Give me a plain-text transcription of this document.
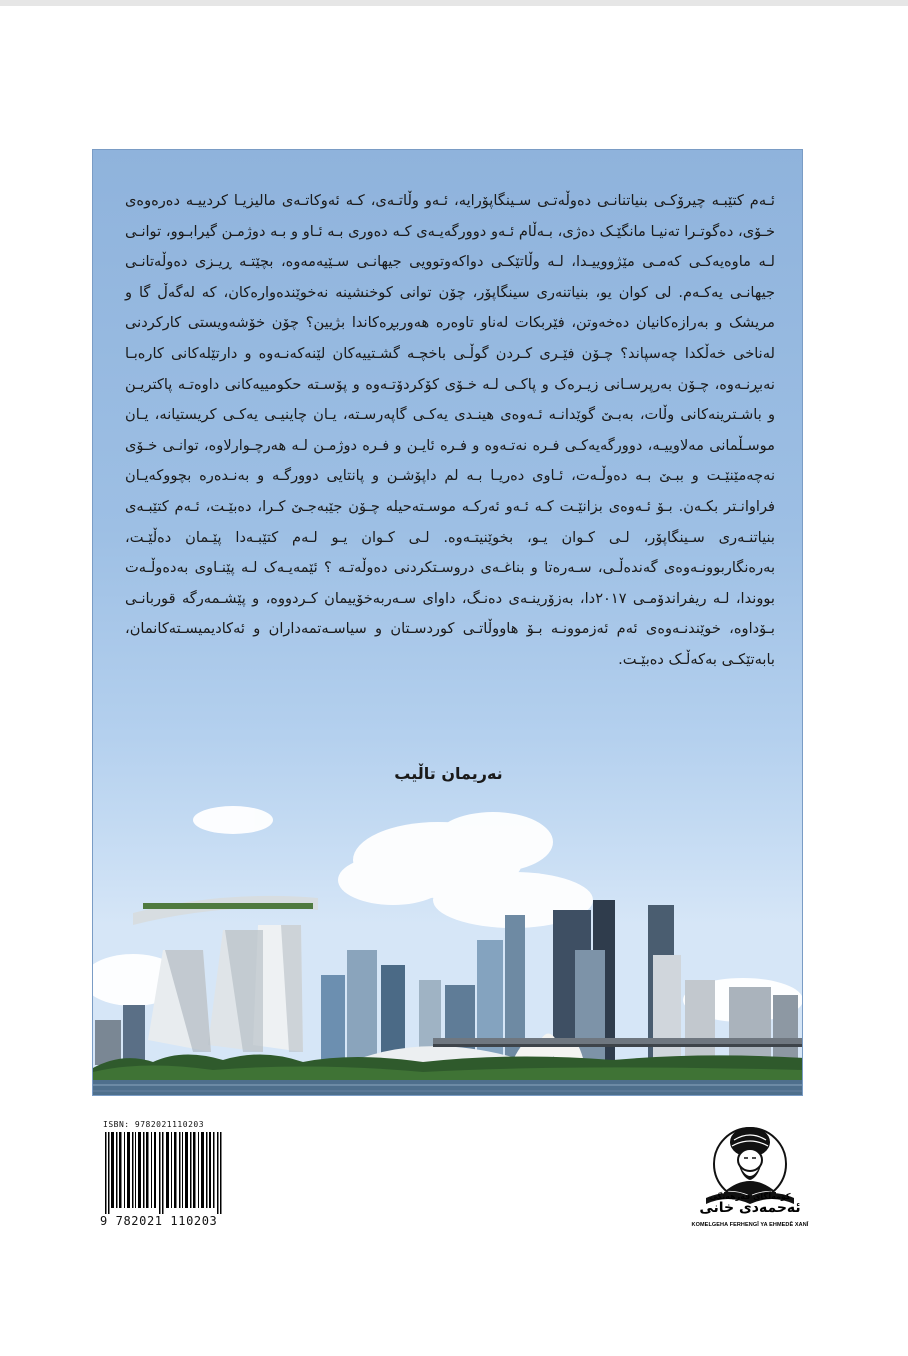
ئـەم کتێبـە چیرۆکـی بنیاتنانـی دەوڵەتـی سـینگاپۆرایە، ئـەو وڵاتـەی، کـە ئەوکاتـەی مالیزیـا کردییـە دەرەوەی خـۆی، دەگوتـرا تەنیـا مانگێـک دەژی، بـەڵام ئـەو دوورگەیـەی کـە دەوری بـە ئـاو و بـە دوژمـن گیرابـوو، توانـی لـە ماوەیەکـی کەمـی مێژووییـدا، لـە وڵاتێکـی دواکەوتوویی جیهانـی سـێیەمەوە، بچێتـە ڕیـزی دەوڵەتانـی جیهانـی یەکـەم. لی کوان یو، بنیاتنەری سینگاپۆر، چۆن توانی کوخنشینە نەخوێندەوارەکان، کە لەگەڵ گا و مریشک و بەرازەکانیان دەخەوتن، فێربکات لەناو تاوەرە هەوربڕەکاندا بژیین؟ چۆن خۆشەویستی کارکردنی لەناخی خەڵکدا چەسپاند؟ چـۆن فێـری کـردن گوڵـی باخچـە گشـتییەکان لێنەکەنـەوە و دارتێلەکانی کارەبـا نەبڕنـەوە، چـۆن بەرپرسـانی زیـرەک و پاکـی لـە خـۆی کۆکردۆتـەوە و پۆسـتە حکومییەکانی داوەتـە پاکتریـن و باشـترینەکانی وڵات، بەبـێ گوێدانـە ئـەوەی هینـدی یەکـی گاپەرسـتە، یـان چاینیـی یەکـی کریستیانە، یـان موسـڵمانی مەلاوییـە، دوورگەیەکـی فـرە نەتـەوە و فـرە ئایـن و فـرە دوژمـن لـە هەرچـوارلاوە، توانـی خـۆی نەچەمێنێـت و ببـێ بـە دەوڵـەت، ئـاوی دەریـا بـە ﻟﻢ داپۆشـن و پانتایی دوورگـە و بەنـدەرە بچووکەیـان فراوانـتر بکـەن. بـۆ ئـەوەی بزانێـت کـە ئـەو ئەرکـە موسـتەحیلە چـۆن جێبەجـێ کـرا، دەبێـت، ئـەم کتێبـەی بنیاتنـەری سـینگاپۆر، لـی کـوان یـو، بخوێنیتـەوە. لـی کـوان یـو لـەم کتێبـەدا پێـمان دەڵێـت، بەرەنگاربوونـەوەی گەندەڵـی، سـەرەتا و بناغـەی دروسـتکردنی دەوڵەتـە ؟ ئێمەیـەک لـە پێنـاوی بەدەوڵـەت بووندا، لـە ریفراندۆمـی ٢٠١٧دا، بەزۆرینـەی دەنـگ، داوای سـەربەخۆییمان کـردووە، و پێشـمەرگە قوربانـی بـۆداوە، خوێندنـەوەی ئەم ئەزموونـە بـۆ هاووڵاتـی کوردسـتان و سیاسـەتمەداران و ئەکادیمیسـتەکانمان، بابەتێکـی بەکەڵـک دەبێـت.

نەریمان تاڵیب
ISBN: 9782021110203
9 782021 110203
کۆمەڵگای فەرهەنگی
ئەحمەدی خانی
KOMELGEHA FERHENGÎ YA EHMEDÊ XANÎ
